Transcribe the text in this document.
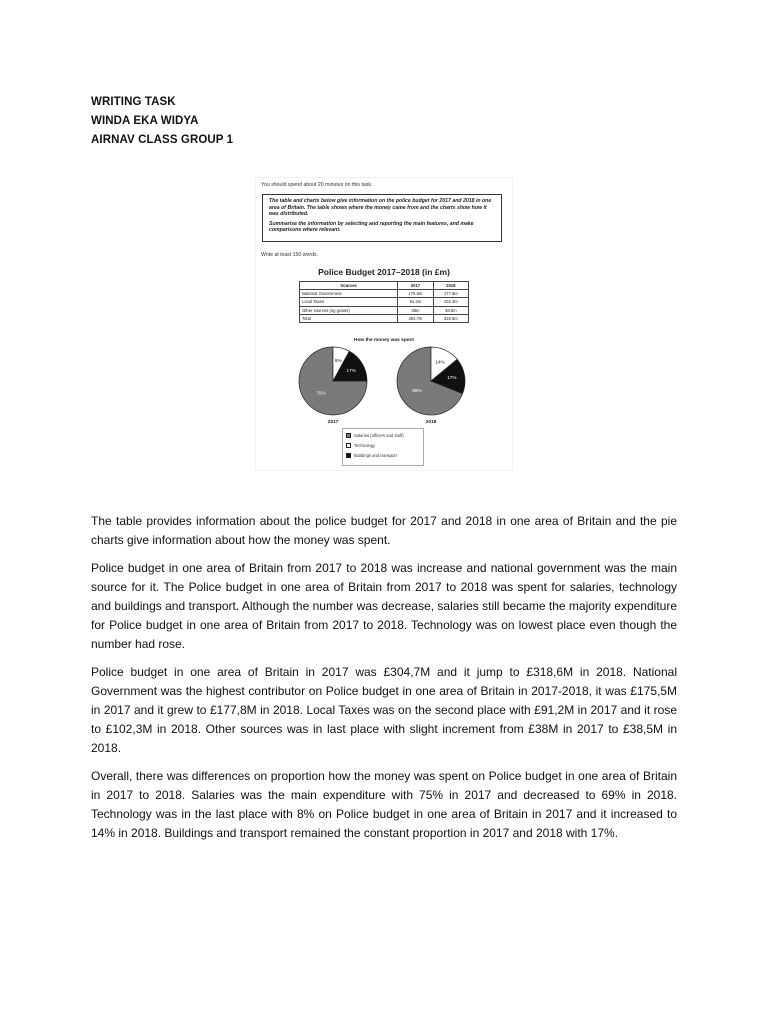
WRITING TASK
WINDA EKA WIDYA
AIRNAV CLASS GROUP 1
You should spend about 20 minutes on this task.

The table and charts below give information on the police budget for 2017 and 2018 in one area of Britain. The table shows where the money came from and the charts show how it was distributed.

Summarise the information by selecting and reporting the main features, and make comparisons where relevant.

Write at least 150 words.
Police Budget 2017–2018 (in £m)
Sources	2017	2018
National Government	175.5m	177.8m
Local Taxes	91.2m	102.3m
Other sources (eg grants)	38m	38.5m
Total	304.7m	318.6m
How the money was spent
75%
8%
17%
2017
69%
14%
17%
2018
Salaries (officers and staff)
Technology
Buildings and transport

The table provides information about the police budget for 2017 and 2018 in one area of Britain and the pie charts give information about how the money was spent.

Police budget in one area of Britain from 2017 to 2018 was increase and national government was the main source for it. The Police budget in one area of Britain from 2017 to 2018 was spent for salaries, technology and buildings and transport. Although the number was decrease, salaries still became the majority expenditure for Police budget in one area of Britain from 2017 to 2018. Technology was on lowest place even though the number had rose.

Police budget in one area of Britain in 2017 was £304,7M and it jump to £318,6M in 2018. National Government was the highest contributor on Police budget in one area of Britain in 2017-2018, it was £175,5M in 2017 and it grew to £177,8M in 2018. Local Taxes was on the second place with £91,2M in 2017 and it rose to £102,3M in 2018. Other sources was in last place with slight increment from £38M in 2017 to £38,5M in 2018.

Overall, there was differences on proportion how the money was spent on Police budget in one area of Britain in 2017 to 2018. Salaries was the main expenditure with 75% in 2017 and decreased to 69% in 2018. Technology was in the last place with 8% on Police budget in one area of Britain in 2017 and it increased to 14% in 2018. Buildings and transport remained the constant proportion in 2017 and 2018 with 17%.
